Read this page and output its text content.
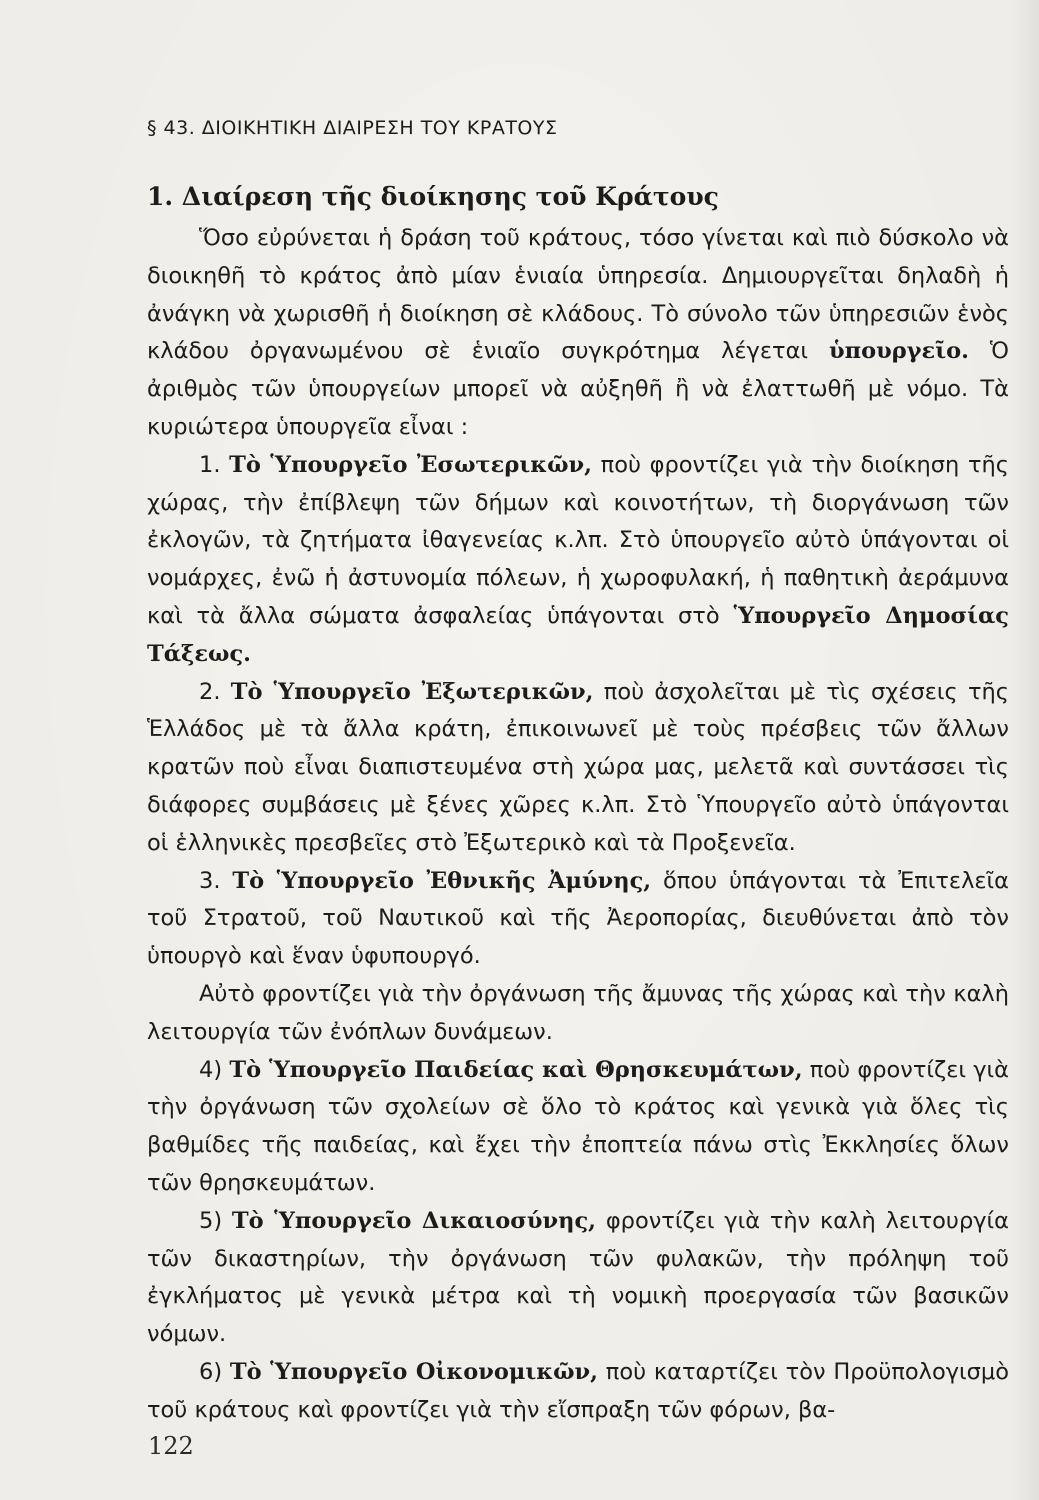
§ 43. ΔΙΟΙΚΗΤΙΚΗ ΔΙΑΙΡΕΣΗ ΤΟΥ ΚΡΑΤΟΥΣ
1. Διαίρεση τῆς διοίκησης τοῦ Κράτους

Ὅσο εὐρύνεται ἡ δράση τοῦ κράτους, τόσο γίνεται καὶ πιὸ δύσκολο νὰ διοικηθῆ τὸ κράτος ἀπὸ μίαν ἑνιαία ὑπηρεσία. Δημιουργεῖται δηλαδὴ ἡ ἀνάγκη νὰ χωρισθῆ ἡ διοίκηση σὲ κλάδους. Τὸ σύνολο τῶν ὑπηρεσιῶν ἑνὸς κλάδου ὀργανωμένου σὲ ἑνιαῖο συγκρότημα λέγεται ὑπουργεῖο. Ὁ ἀριθμὸς τῶν ὑπουργείων μπορεῖ νὰ αὐξηθῆ ἢ νὰ ἐλαττωθῆ μὲ νόμο. Τὰ κυριώτερα ὑπουργεῖα εἶναι :

1. Τὸ Ὑπουργεῖο Ἐσωτερικῶν, ποὺ φροντίζει γιὰ τὴν διοίκηση τῆς χώρας, τὴν ἐπίβλεψη τῶν δήμων καὶ κοινοτήτων, τὴ διοργάνωση τῶν ἐκλογῶν, τὰ ζητήματα ἰθαγενείας κ.λπ. Στὸ ὑπουργεῖο αὐτὸ ὑπάγονται οἱ νομάρχες, ἐνῶ ἡ ἀστυνομία πόλεων, ἡ χωροφυλακή, ἡ παθητικὴ ἀεράμυνα καὶ τὰ ἄλλα σώματα ἀσφαλείας ὑπάγονται στὸ Ὑπουργεῖο Δημοσίας Τάξεως.

2. Τὸ Ὑπουργεῖο Ἐξωτερικῶν, ποὺ ἀσχολεῖται μὲ τὶς σχέσεις τῆς Ἑλλάδος μὲ τὰ ἄλλα κράτη, ἐπικοινωνεῖ μὲ τοὺς πρέσβεις τῶν ἄλλων κρατῶν ποὺ εἶναι διαπιστευμένα στὴ χώρα μας, μελετᾶ καὶ συντάσσει τὶς διάφορες συμβάσεις μὲ ξένες χῶρες κ.λπ. Στὸ Ὑπουργεῖο αὐτὸ ὑπάγονται οἱ ἑλληνικὲς πρεσβεῖες στὸ Ἐξωτερικὸ καὶ τὰ Προξενεῖα.

3. Τὸ Ὑπουργεῖο Ἐθνικῆς Ἀμύνης, ὅπου ὑπάγονται τὰ Ἐπιτελεῖα τοῦ Στρατοῦ, τοῦ Ναυτικοῦ καὶ τῆς Ἀεροπορίας, διευθύνεται ἀπὸ τὸν ὑπουργὸ καὶ ἕναν ὑφυπουργό.

Αὐτὸ φροντίζει γιὰ τὴν ὀργάνωση τῆς ἄμυνας τῆς χώρας καὶ τὴν καλὴ λειτουργία τῶν ἐνόπλων δυνάμεων.

4) Τὸ Ὑπουργεῖο Παιδείας καὶ Θρησκευμάτων, ποὺ φροντίζει γιὰ τὴν ὀργάνωση τῶν σχολείων σὲ ὅλο τὸ κράτος καὶ γενικὰ γιὰ ὅλες τὶς βαθμίδες τῆς παιδείας, καὶ ἔχει τὴν ἐποπτεία πάνω στὶς Ἐκκλησίες ὅλων τῶν θρησκευμάτων.

5) Τὸ Ὑπουργεῖο Δικαιοσύνης, φροντίζει γιὰ τὴν καλὴ λειτουργία τῶν δικαστηρίων, τὴν ὀργάνωση τῶν φυλακῶν, τὴν πρόληψη τοῦ ἐγκλήματος μὲ γενικὰ μέτρα καὶ τὴ νομικὴ προεργασία τῶν βασικῶν νόμων.

6) Τὸ Ὑπουργεῖο Οἰκονομικῶν, ποὺ καταρτίζει τὸν Προϋπολογισμὸ τοῦ κράτους καὶ φροντίζει γιὰ τὴν εἴσπραξη τῶν φόρων, βα-

122
